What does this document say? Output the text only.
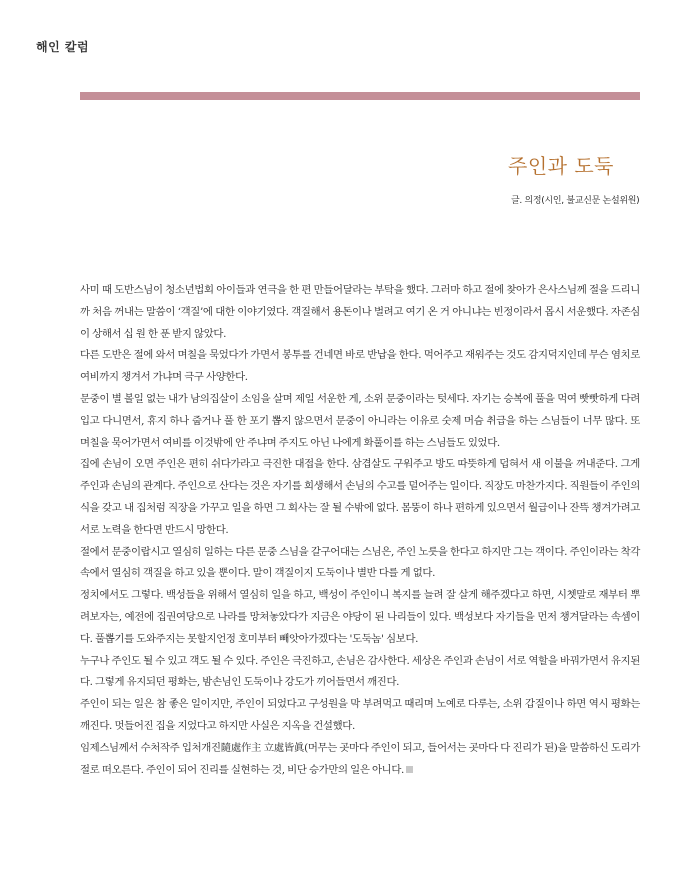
해인 칼럼
주인과 도둑
글. 의정(시인, 불교신문 논설위원)

사미 때 도반스님이 청소년법회 아이들과 연극을 한 편 만들어달라는 부탁을 했다. 그러마 하고 절에 찾아가 은사스님께 절을 드리니까 처음 꺼내는 말씀이 ‘객질’에 대한 이야기였다. 객질해서 용돈이나 벌려고 여기 온 거 아니냐는 빈정이라서 몹시 서운했다. 자존심이 상해서 십 원 한 푼 받지 않았다.

다른 도반은 절에 와서 며칠을 묵었다가 가면서 봉투를 건네면 바로 반납을 한다. 먹어주고 재워주는 것도 감지덕지인데 무슨 염치로 여비까지 챙겨서 가냐며 극구 사양한다.

문중이 별 볼일 없는 내가 남의집살이 소임을 살며 제일 서운한 게, 소위 문중이라는 텃세다. 자기는 승복에 풀을 먹여 빳빳하게 다려 입고 다니면서, 휴지 하나 줍거나 풀 한 포기 뽑지 않으면서 문중이 아니라는 이유로 숫제 머슴 취급을 하는 스님들이 너무 많다. 또 며칠을 묵어가면서 여비를 이것밖에 안 주냐며 주지도 아닌 나에게 화풀이를 하는 스님들도 있었다.

집에 손님이 오면 주인은 편히 쉬다가라고 극진한 대접을 한다. 삼겹살도 구워주고 방도 따뜻하게 덥혀서 새 이불을 꺼내준다. 그게 주인과 손님의 관계다. 주인으로 산다는 것은 자기를 희생해서 손님의 수고를 덜어주는 일이다. 직장도 마찬가지다. 직원들이 주인의식을 갖고 내 집처럼 직장을 가꾸고 일을 하면 그 회사는 잘 될 수밖에 없다. 몸뚱이 하나 편하게 있으면서 월급이나 잔뜩 챙겨가려고 서로 노력을 한다면 반드시 망한다.

절에서 문중이랍시고 열심히 일하는 다른 문중 스님을 갈구어대는 스님은, 주인 노릇을 한다고 하지만 그는 객이다. 주인이라는 착각 속에서 열심히 객질을 하고 있을 뿐이다. 말이 객질이지 도둑이나 별반 다를 게 없다.

정치에서도 그렇다. 백성들을 위해서 열심히 일을 하고, 백성이 주인이니 복지를 늘려 잘 살게 해주겠다고 하면, 시쳇말로 재부터 뿌려보자는, 예전에 집권여당으로 나라를 망쳐놓았다가 지금은 야당이 된 나리들이 있다. 백성보다 자기들을 먼저 챙겨달라는 속셈이다. 풀뽑기를 도와주지는 못할지언정 호미부터 빼앗아가겠다는 '도둑놈' 심보다.

누구나 주인도 될 수 있고 객도 될 수 있다. 주인은 극진하고, 손님은 감사한다. 세상은 주인과 손님이 서로 역할을 바꿔가면서 유지된다. 그렇게 유지되던 평화는, 밤손님인 도둑이나 강도가 끼어들면서 깨진다.

주인이 되는 일은 참 좋은 일이지만, 주인이 되었다고 구성원을 막 부려먹고 때리며 노예로 다루는, 소위 갑질이나 하면 역시 평화는 깨진다. 멋들어진 집을 지었다고 하지만 사실은 지옥을 건설했다.

임제스님께서 수처작주 입처개진隨處作主 立處皆眞(머무는 곳마다 주인이 되고, 들어서는 곳마다 다 진리가 된)을 말씀하신 도리가 절로 떠오른다. 주인이 되어 진리를 실현하는 것, 비단 승가만의 일은 아니다.
